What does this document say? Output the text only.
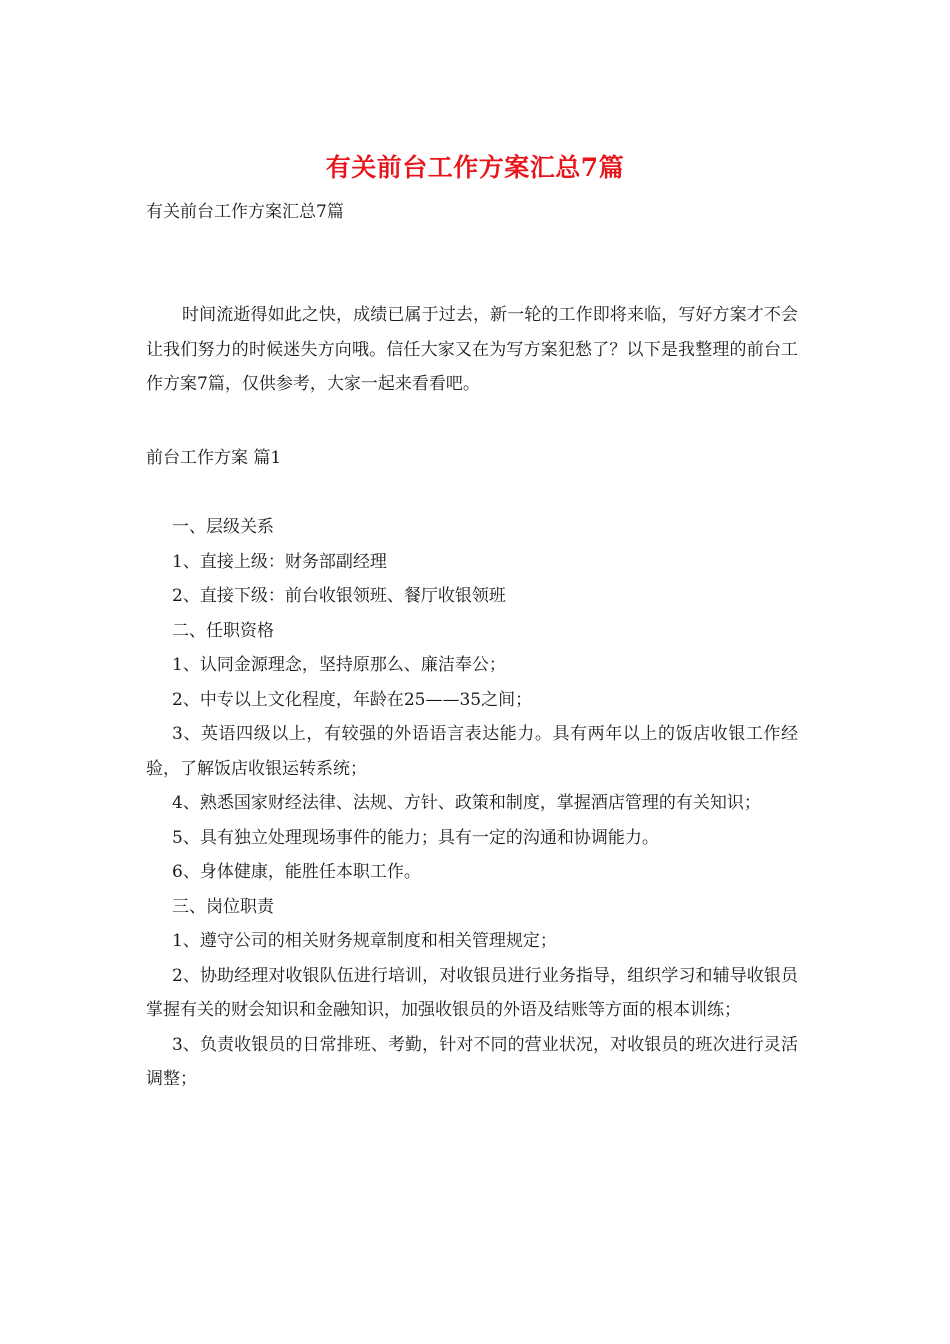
有关前台工作方案汇总7篇

有关前台工作方案汇总7篇

时间流逝得如此之快，成绩已属于过去，新一轮的工作即将来临，写好方案才不会让我们努力的时候迷失方向哦。信任大家又在为写方案犯愁了？以下是我整理的前台工作方案7篇，仅供参考，大家一起来看看吧。

前台工作方案 篇1

一、层级关系

1、直接上级：财务部副经理

2、直接下级：前台收银领班、餐厅收银领班

二、任职资格

1、认同金源理念，坚持原那么、廉洁奉公；

2、中专以上文化程度，年龄在25——35之间；

3、英语四级以上，有较强的外语语言表达能力。具有两年以上的饭店收银工作经验，了解饭店收银运转系统；

4、熟悉国家财经法律、法规、方针、政策和制度，掌握酒店管理的有关知识；

5、具有独立处理现场事件的能力；具有一定的沟通和协调能力。

6、身体健康，能胜任本职工作。

三、岗位职责

1、遵守公司的相关财务规章制度和相关管理规定；

2、协助经理对收银队伍进行培训，对收银员进行业务指导，组织学习和辅导收银员掌握有关的财会知识和金融知识，加强收银员的外语及结账等方面的根本训练；

3、负责收银员的日常排班、考勤，针对不同的营业状况，对收银员的班次进行灵活调整；
